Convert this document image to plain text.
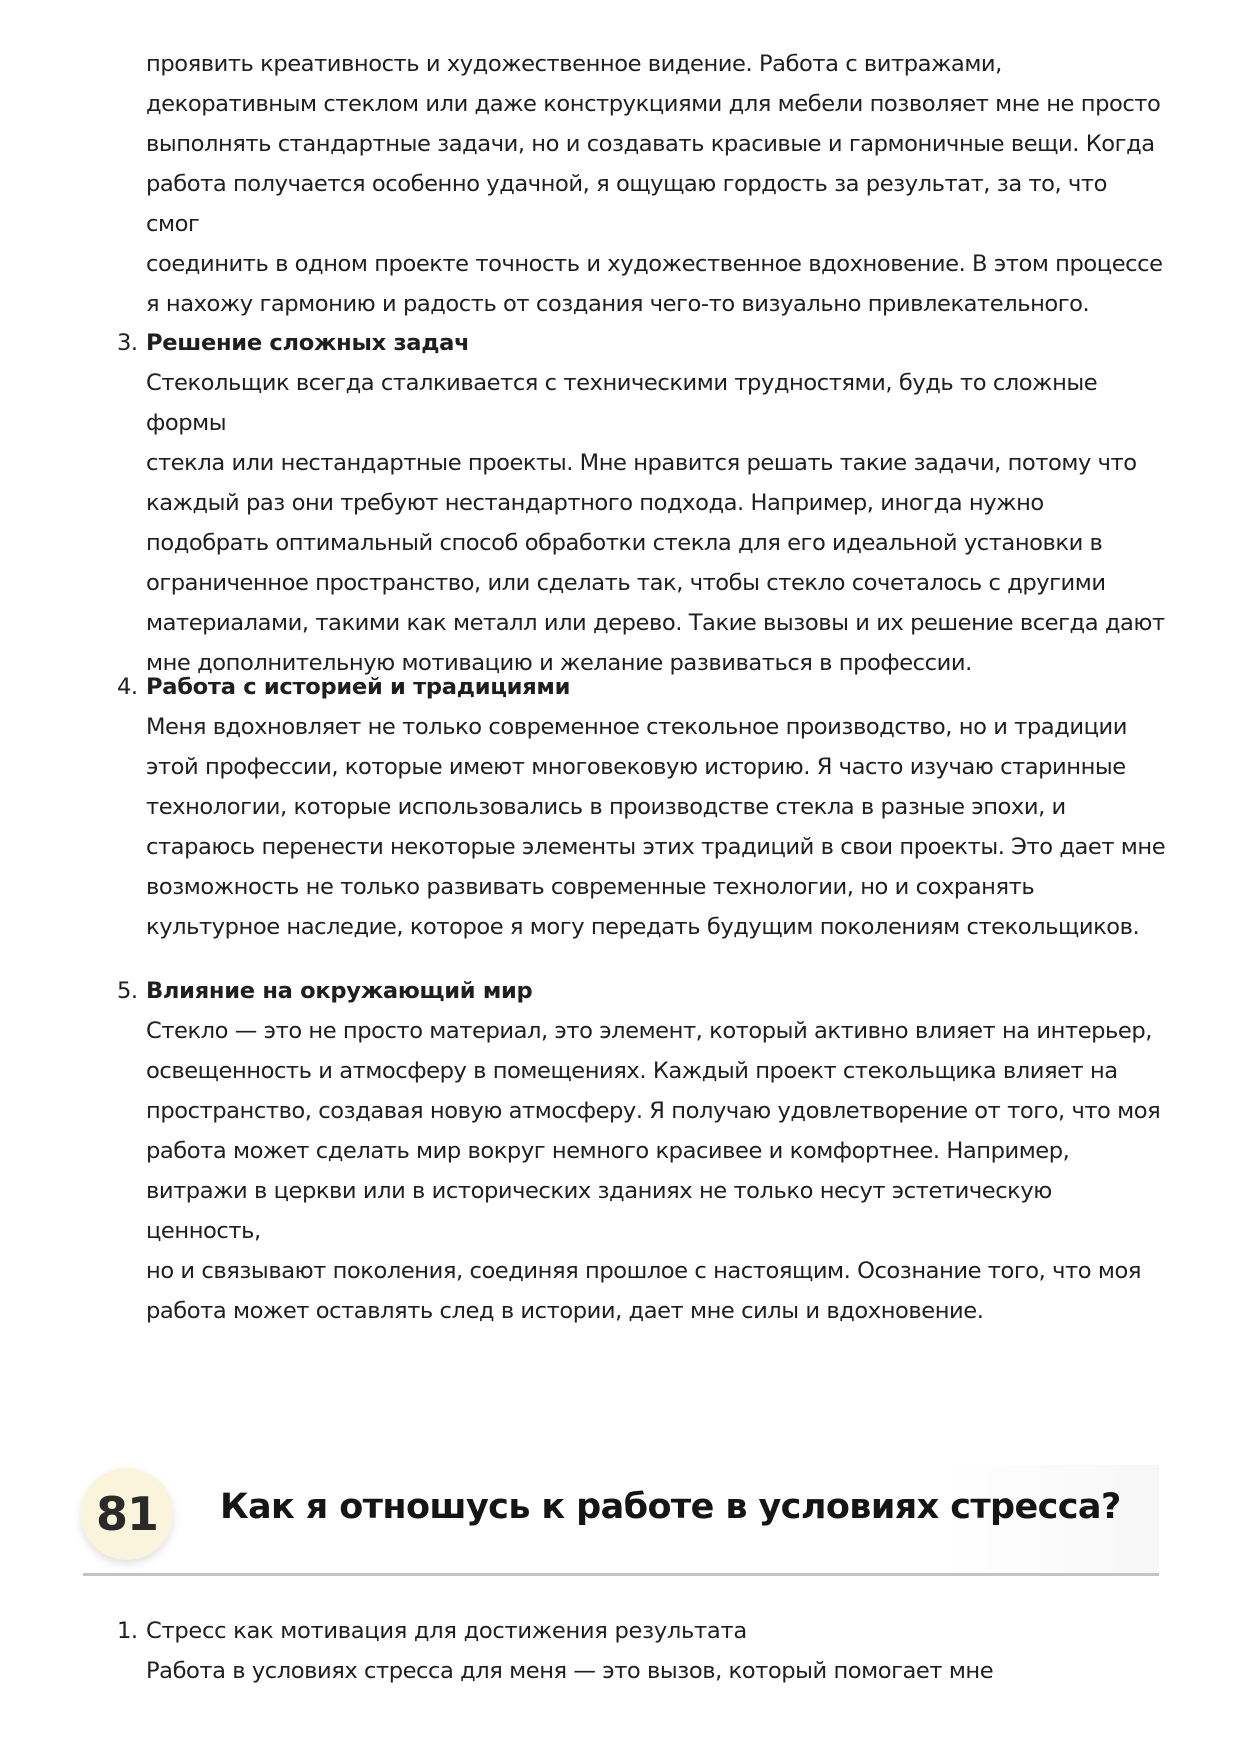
проявить креативность и художественное видение. Работа с витражами,
декоративным стеклом или даже конструкциями для мебели позволяет мне не просто
выполнять стандартные задачи, но и создавать красивые и гармоничные вещи. Когда
работа получается особенно удачной, я ощущаю гордость за результат, за то, что смог
соединить в одном проекте точность и художественное вдохновение. В этом процессе
я нахожу гармонию и радость от создания чего-то визуально привлекательного.
3. Решение сложных задач
Стекольщик всегда сталкивается с техническими трудностями, будь то сложные формы
стекла или нестандартные проекты. Мне нравится решать такие задачи, потому что
каждый раз они требуют нестандартного подхода. Например, иногда нужно
подобрать оптимальный способ обработки стекла для его идеальной установки в
ограниченное пространство, или сделать так, чтобы стекло сочеталось с другими
материалами, такими как металл или дерево. Такие вызовы и их решение всегда дают
мне дополнительную мотивацию и желание развиваться в профессии.
4. Работа с историей и традициями
Меня вдохновляет не только современное стекольное производство, но и традиции
этой профессии, которые имеют многовековую историю. Я часто изучаю старинные
технологии, которые использовались в производстве стекла в разные эпохи, и
стараюсь перенести некоторые элементы этих традиций в свои проекты. Это дает мне
возможность не только развивать современные технологии, но и сохранять
культурное наследие, которое я могу передать будущим поколениям стекольщиков.
5. Влияние на окружающий мир
Стекло — это не просто материал, это элемент, который активно влияет на интерьер,
освещенность и атмосферу в помещениях. Каждый проект стекольщика влияет на
пространство, создавая новую атмосферу. Я получаю удовлетворение от того, что моя
работа может сделать мир вокруг немного красивее и комфортнее. Например,
витражи в церкви или в исторических зданиях не только несут эстетическую ценность,
но и связывают поколения, соединяя прошлое с настоящим. Осознание того, что моя
работа может оставлять след в истории, дает мне силы и вдохновение.
81	Как я отношусь к работе в условиях стресса?
1. Стресс как мотивация для достижения результата
Работа в условиях стресса для меня — это вызов, который помогает мне
